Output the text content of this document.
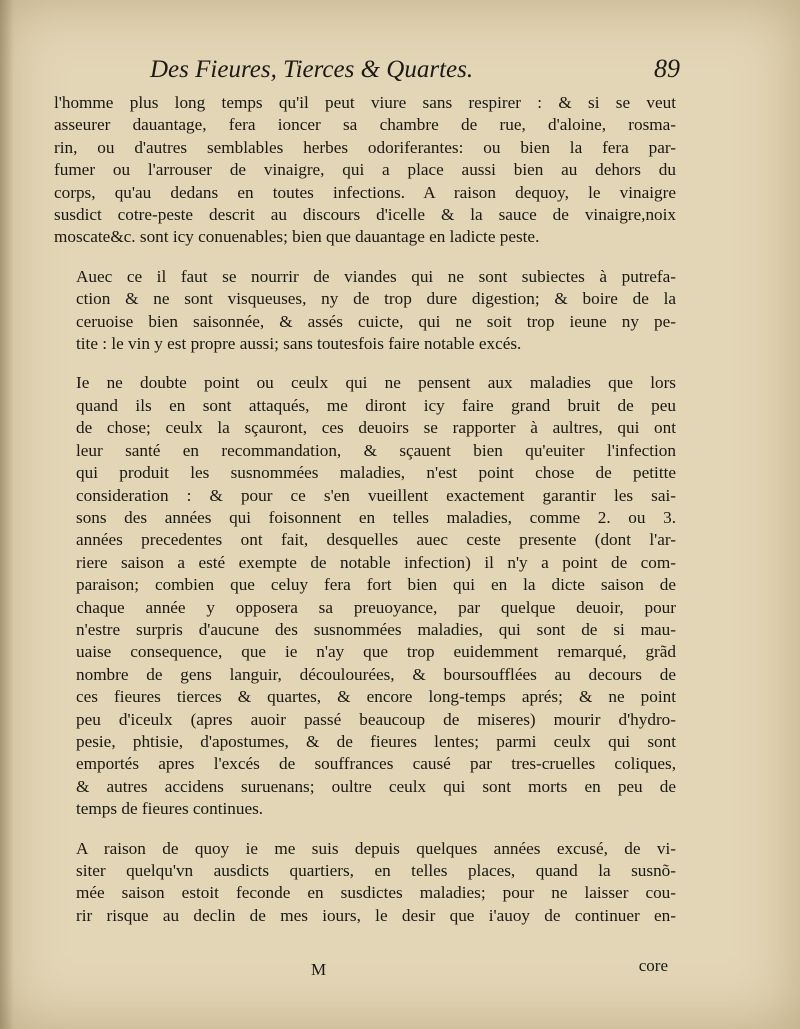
Des Fieures, Tierces & Quartes.	89
l'homme plus long temps qu'il peut viure sans respirer : & si se veut
asseurer dauantage, fera ioncer sa chambre de rue, d'aloine, rosma-
rin, ou d'autres semblables herbes odoriferantes: ou bien la fera par-
fumer ou l'arrouser de vinaigre, qui a place aussi bien au dehors du
corps, qu'au dedans en toutes infections. A raison dequoy, le vinaigre
susdict cotre-peste descrit au discours d'icelle & la sauce de vinaigre,noix
moscate&c. sont icy conuenables; bien que dauantage en ladicte peste.
Auec ce il faut se nourrir de viandes qui ne sont subiectes à putrefa-
ction & ne sont visqueuses, ny de trop dure digestion; & boire de la
ceruoise bien saisonnée, & assés cuicte, qui ne soit trop ieune ny pe-
tite : le vin y est propre aussi; sans toutesfois faire notable excés.
Ie ne doubte point ou ceulx qui ne pensent aux maladies que lors
quand ils en sont attaqués, me diront icy faire grand bruit de peu
de chose; ceulx la sçauront, ces deuoirs se rapporter à aultres, qui ont
leur santé en recommandation, & sçauent bien qu'euiter l'infection
qui produit les susnommées maladies, n'est point chose de petitte
consideration : & pour ce s'en vueillent exactement garantir les sai-
sons des années qui foisonnent en telles maladies, comme 2. ou 3.
années precedentes ont fait, desquelles auec ceste presente (dont l'ar-
riere saison a esté exempte de notable infection) il n'y a point de com-
paraison; combien que celuy fera fort bien qui en la dicte saison de
chaque année y opposera sa preuoyance, par quelque deuoir, pour
n'estre surpris d'aucune des susnommées maladies, qui sont de si mau-
uaise consequence, que ie n'ay que trop euidemment remarqué, grãd
nombre de gens languir, découlourées, & boursoufflées au decours de
ces fieures tierces & quartes, & encore long-temps aprés; & ne point
peu d'iceulx (apres auoir passé beaucoup de miseres) mourir d'hydro-
pesie, phtisie, d'apostumes, & de fieures lentes; parmi ceulx qui sont
emportés apres l'excés de souffrances causé par tres-cruelles coliques,
& autres accidens suruenans; oultre ceulx qui sont morts en peu de
temps de fieures continues.
A raison de quoy ie me suis depuis quelques années excusé, de vi-
siter quelqu'vn ausdicts quartiers, en telles places, quand la susnõ-
mée saison estoit feconde en susdictes maladies; pour ne laisser cou-
rir risque au declin de mes iours, le desir que i'auoy de continuer en-
M	core
